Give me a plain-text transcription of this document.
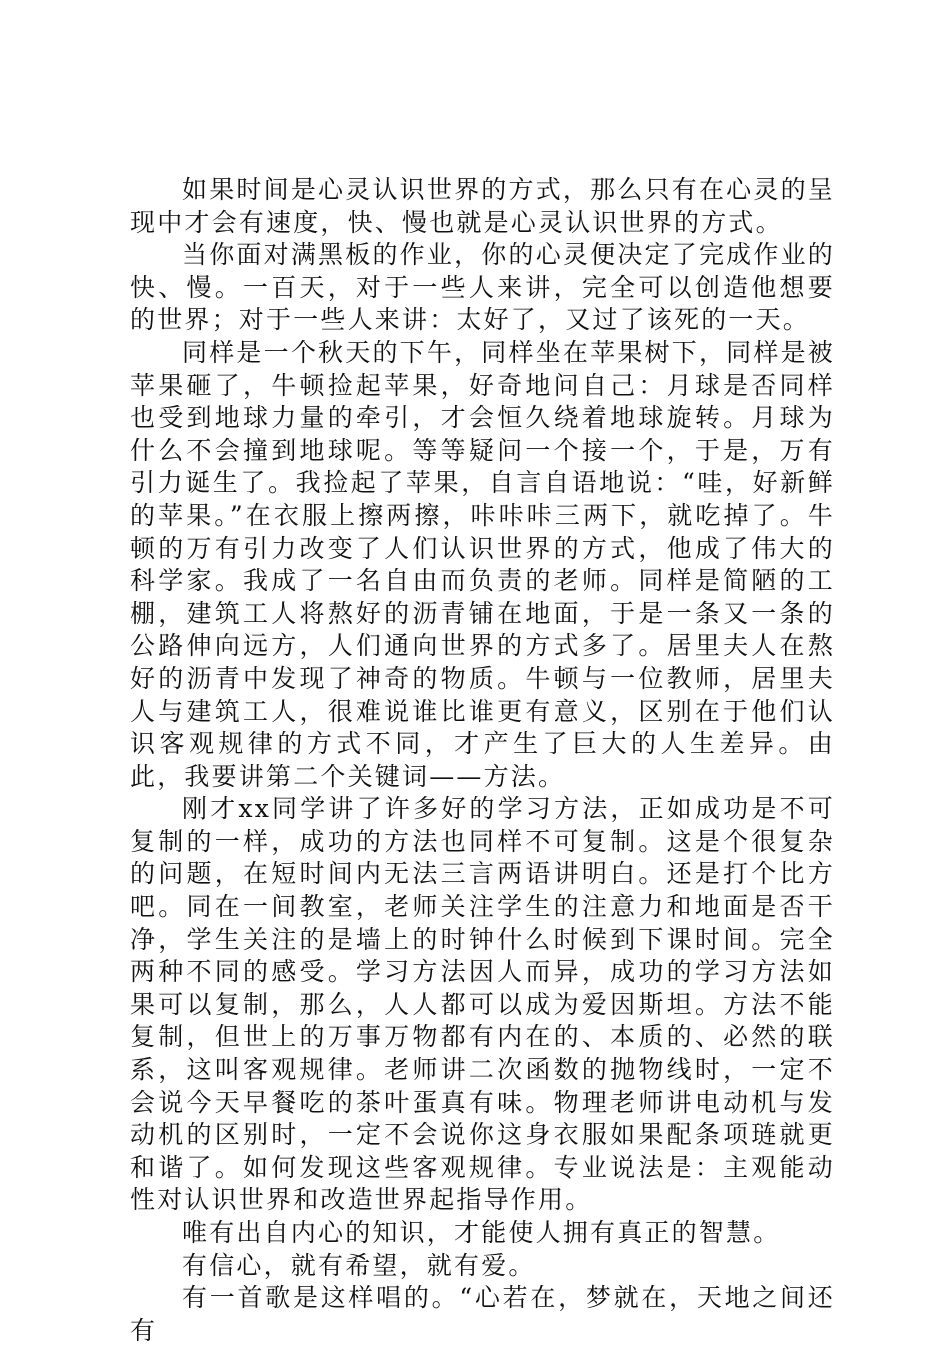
如果时间是心灵认识世界的方式，那么只有在心灵的呈现中才会有速度，快、慢也就是心灵认识世界的方式。

当你面对满黑板的作业，你的心灵便决定了完成作业的快、慢。一百天，对于一些人来讲，完全可以创造他想要的世界；对于一些人来讲：太好了，又过了该死的一天。

同样是一个秋天的下午，同样坐在苹果树下，同样是被苹果砸了，牛顿捡起苹果，好奇地问自己：月球是否同样也受到地球力量的牵引，才会恒久绕着地球旋转。月球为什么不会撞到地球呢。等等疑问一个接一个，于是，万有引力诞生了。我捡起了苹果，自言自语地说：“哇，好新鲜的苹果。”在衣服上擦两擦，咔咔咔三两下，就吃掉了。牛顿的万有引力改变了人们认识世界的方式，他成了伟大的科学家。我成了一名自由而负责的老师。同样是简陋的工棚，建筑工人将熬好的沥青铺在地面，于是一条又一条的公路伸向远方，人们通向世界的方式多了。居里夫人在熬好的沥青中发现了神奇的物质。牛顿与一位教师，居里夫人与建筑工人，很难说谁比谁更有意义，区别在于他们认识客观规律的方式不同，才产生了巨大的人生差异。由此，我要讲第二个关键词——方法。

刚才xx同学讲了许多好的学习方法，正如成功是不可复制的一样，成功的方法也同样不可复制。这是个很复杂的问题，在短时间内无法三言两语讲明白。还是打个比方吧。同在一间教室，老师关注学生的注意力和地面是否干净，学生关注的是墙上的时钟什么时候到下课时间。完全两种不同的感受。学习方法因人而异，成功的学习方法如果可以复制，那么，人人都可以成为爱因斯坦。方法不能复制，但世上的万事万物都有内在的、本质的、必然的联系，这叫客观规律。老师讲二次函数的抛物线时，一定不会说今天早餐吃的茶叶蛋真有味。物理老师讲电动机与发动机的区别时，一定不会说你这身衣服如果配条项琏就更和谐了。如何发现这些客观规律。专业说法是：主观能动性对认识世界和改造世界起指导作用。

唯有出自内心的知识，才能使人拥有真正的智慧。

有信心，就有希望，就有爱。

有一首歌是这样唱的。“心若在，梦就在，天地之间还有
